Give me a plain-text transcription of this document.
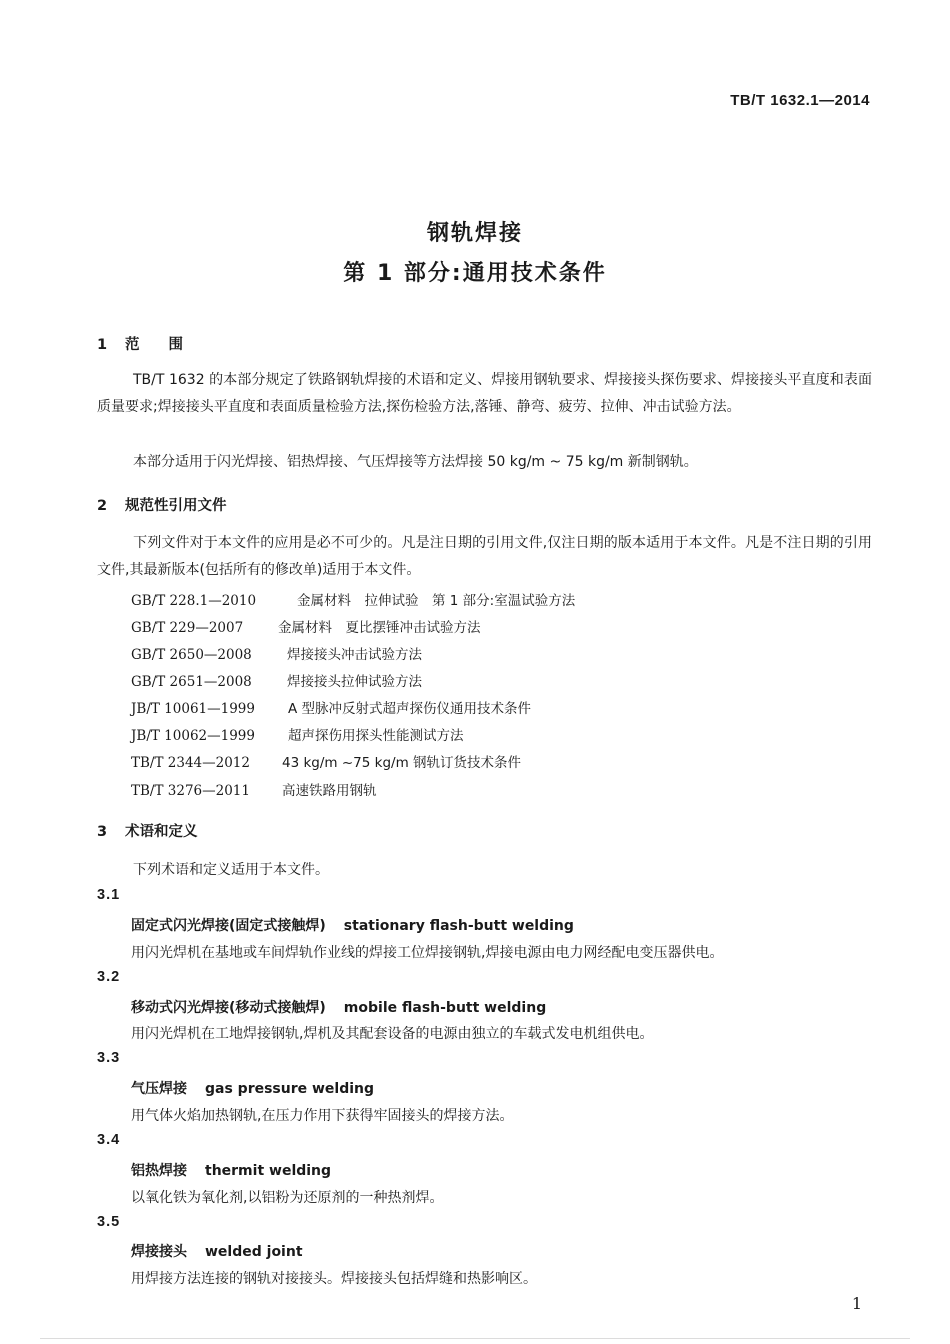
TB/T 1632.1—2014
钢轨焊接
第 1 部分:通用技术条件
1 范　　围
TB/T 1632 的本部分规定了铁路钢轨焊接的术语和定义、焊接用钢轨要求、焊接接头探伤要求、焊接接头平直度和表面质量要求;焊接接头平直度和表面质量检验方法,探伤检验方法,落锤、静弯、疲劳、拉伸、冲击试验方法。
本部分适用于闪光焊接、铝热焊接、气压焊接等方法焊接 50 kg/m ~ 75 kg/m 新制钢轨。
2 规范性引用文件
下列文件对于本文件的应用是必不可少的。凡是注日期的引用文件,仅注日期的版本适用于本文件。凡是不注日期的引用文件,其最新版本(包括所有的修改单)适用于本文件。
GB/T 228.1—2010	金属材料　拉伸试验　第 1 部分:室温试验方法
GB/T 229—2007	金属材料　夏比摆锤冲击试验方法
GB/T 2650—2008	焊接接头冲击试验方法
GB/T 2651—2008	焊接接头拉伸试验方法
JB/T 10061—1999 A 型脉冲反射式超声探伤仪通用技术条件
JB/T 10062—1999 超声探伤用探头性能测试方法
TB/T 2344—2012 43 kg/m ~75 kg/m 钢轨订货技术条件
TB/T 3276—2011 高速铁路用钢轨
3 术语和定义
下列术语和定义适用于本文件。
3.1
固定式闪光焊接(固定式接触焊) stationary flash-butt welding
用闪光焊机在基地或车间焊轨作业线的焊接工位焊接钢轨,焊接电源由电力网经配电变压器供电。
3.2
移动式闪光焊接(移动式接触焊) mobile flash-butt welding
用闪光焊机在工地焊接钢轨,焊机及其配套设备的电源由独立的车载式发电机组供电。
3.3
气压焊接 gas pressure welding
用气体火焰加热钢轨,在压力作用下获得牢固接头的焊接方法。
3.4
铝热焊接 thermit welding
以氧化铁为氧化剂,以铝粉为还原剂的一种热剂焊。
3.5
焊接接头 welded joint
用焊接方法连接的钢轨对接接头。焊接接头包括焊缝和热影响区。
1
